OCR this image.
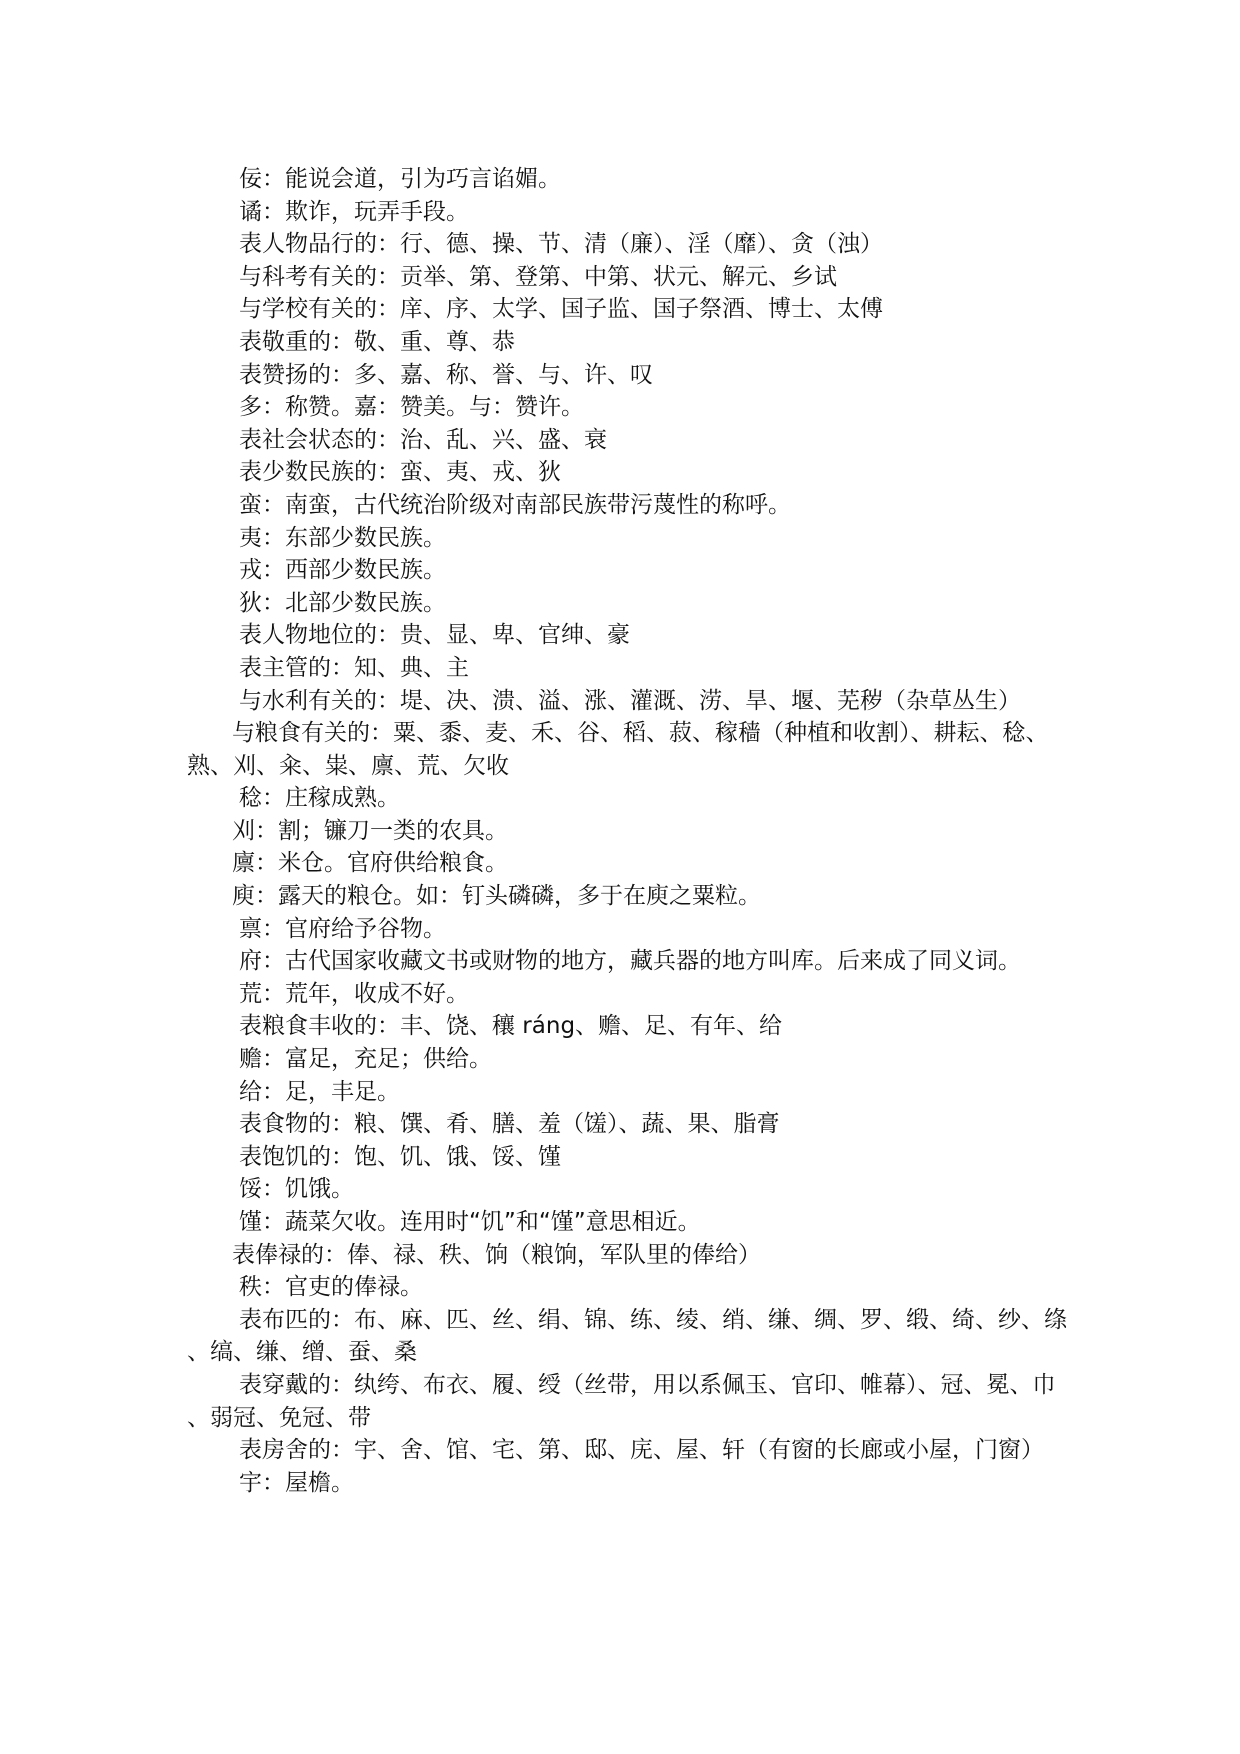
佞：能说会道，引为巧言谄媚。

谲：欺诈，玩弄手段。

表人物品行的：行、德、操、节、清（廉）、淫（靡）、贪（浊）

与科考有关的：贡举、第、登第、中第、状元、解元、乡试

与学校有关的：庠、序、太学、国子监、国子祭酒、博士、太傅

表敬重的：敬、重、尊、恭

表赞扬的：多、嘉、称、誉、与、许、叹

多：称赞。嘉：赞美。与：赞许。

表社会状态的：治、乱、兴、盛、衰

表少数民族的：蛮、夷、戎、狄

蛮：南蛮，古代统治阶级对南部民族带污蔑性的称呼。

夷：东部少数民族。

戎：西部少数民族。

狄：北部少数民族。

表人物地位的：贵、显、卑、官绅、豪

表主管的：知、典、主

与水利有关的：堤、决、溃、溢、涨、灌溉、涝、旱、堰、芜秽（杂草丛生）

与粮食有关的：粟、黍、麦、禾、谷、稻、菽、稼穑（种植和收割）、耕耘、稔、熟、刈、籴、粜、廪、荒、欠收

稔：庄稼成熟。

刈：割；镰刀一类的农具。

廪：米仓。官府供给粮食。

庾：露天的粮仓。如：钉头磷磷，多于在庾之粟粒。

禀：官府给予谷物。

府：古代国家收藏文书或财物的地方，藏兵器的地方叫库。后来成了同义词。

荒：荒年，收成不好。

表粮食丰收的：丰、饶、穰 ráng、赡、足、有年、给

赡：富足，充足；供给。

给：足，丰足。

表食物的：粮、馔、肴、膳、羞（馐）、蔬、果、脂膏

表饱饥的：饱、饥、饿、馁、馑

馁：饥饿。

馑：蔬菜欠收。连用时“饥”和“馑”意思相近。

表俸禄的：俸、禄、秩、饷（粮饷，军队里的俸给）

秩：官吏的俸禄。

表布匹的：布、麻、匹、丝、绢、锦、练、绫、绡、缣、绸、罗、缎、绮、纱、绦、缟、缣、缯、蚕、桑

表穿戴的：纨绔、布衣、履、绶（丝带，用以系佩玉、官印、帷幕）、冠、冕、巾、弱冠、免冠、带

表房舍的：宇、舍、馆、宅、第、邸、庑、屋、轩（有窗的长廊或小屋，门窗）

宇：屋檐。
